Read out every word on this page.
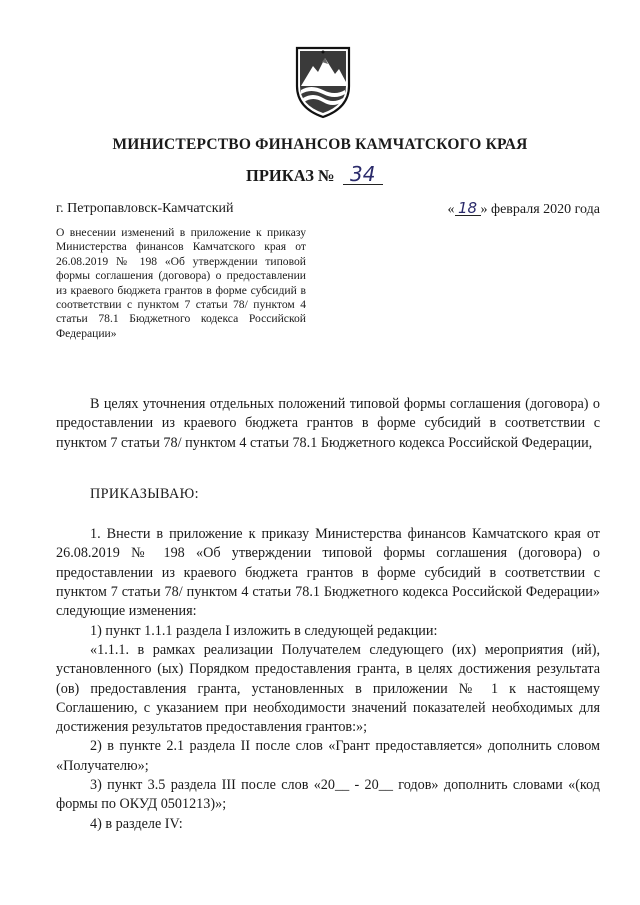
МИНИСТЕРСТВО ФИНАНСОВ КАМЧАТСКОГО КРАЯ
ПРИКАЗ № 34
г. Петропавловск-Камчатский	« 18 » февраля 2020 года
О внесении изменений в приложение к приказу Министерства финансов Камчатского края от 26.08.2019 № 198 «Об утверждении типовой формы соглашения (договора) о предоставлении из краевого бюджета грантов в форме субсидий в соответствии с пунктом 7 статьи 78/ пунктом 4 статьи 78.1 Бюджетного кодекса Российской Федерации»

В целях уточнения отдельных положений типовой формы соглашения (договора) о предоставлении из краевого бюджета грантов в форме субсидий в соответствии с пунктом 7 статьи 78/ пунктом 4 статьи 78.1 Бюджетного кодекса Российской Федерации,

ПРИКАЗЫВАЮ:

1. Внести в приложение к приказу Министерства финансов Камчатского края от 26.08.2019 № 198 «Об утверждении типовой формы соглашения (договора) о предоставлении из краевого бюджета грантов в форме субсидий в соответствии с пунктом 7 статьи 78/ пунктом 4 статьи 78.1 Бюджетного кодекса Российской Федерации» следующие изменения:

1) пункт 1.1.1 раздела I изложить в следующей редакции:

«1.1.1. в рамках реализации Получателем следующего (их) мероприятия (ий), установленного (ых) Порядком предоставления гранта, в целях достижения результата (ов) предоставления гранта, установленных в приложении № 1 к настоящему Соглашению, с указанием при необходимости значений показателей необходимых для достижения результатов предоставления грантов:»;

2) в пункте 2.1 раздела II после слов «Грант предоставляется» дополнить словом «Получателю»;

3) пункт 3.5 раздела III после слов «20__ - 20__ годов» дополнить словами «(код формы по ОКУД 0501213)»;

4) в разделе IV:
